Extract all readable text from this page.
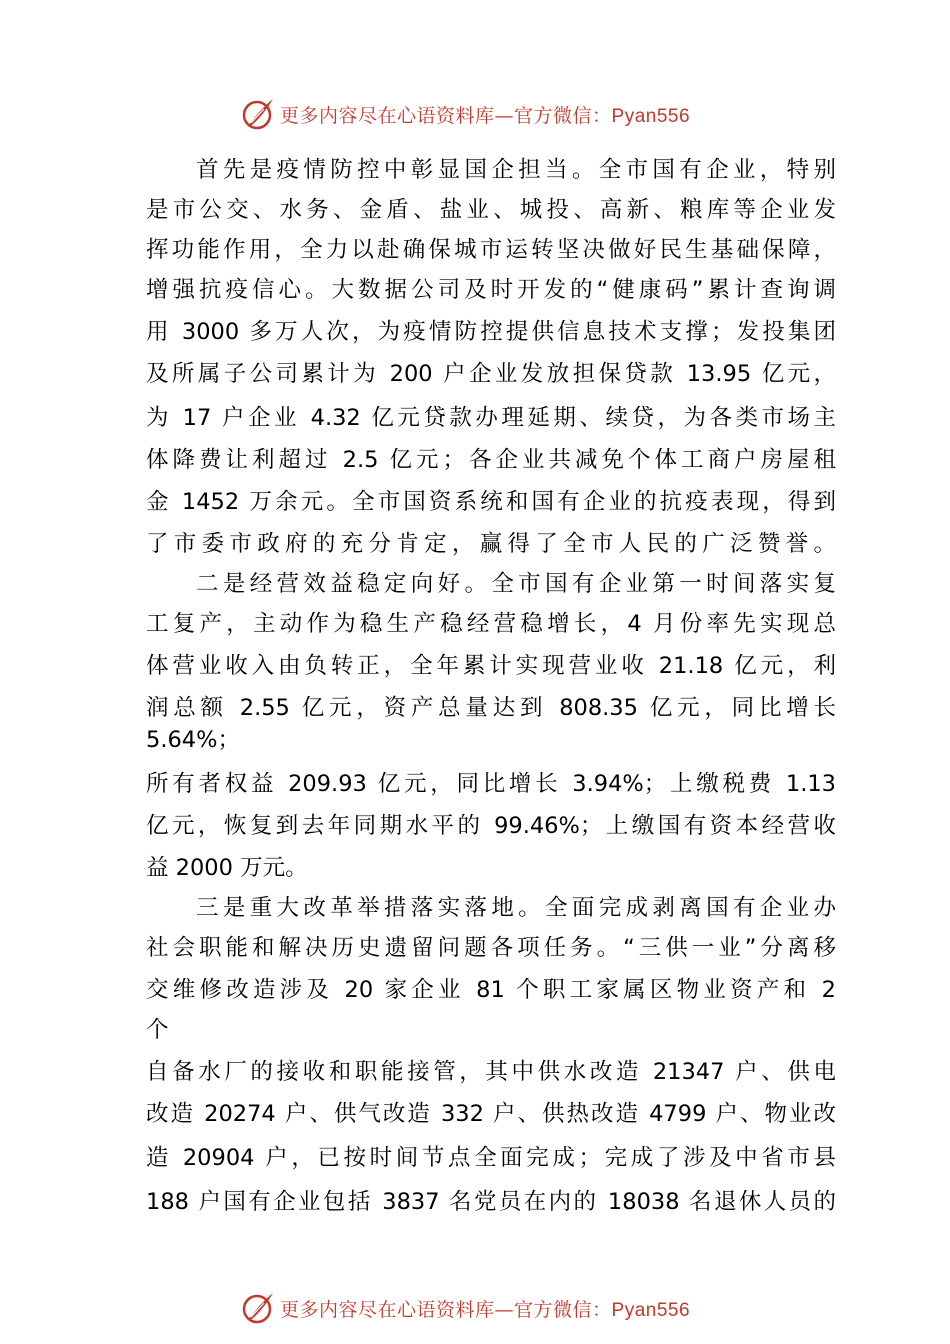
更多内容尽在心语资料库—官方微信：Pyan556
首先是疫情防控中彰显国企担当。全市国有企业，特别
是市公交、水务、金盾、盐业、城投、高新、粮库等企业发
挥功能作用，全力以赴确保城市运转坚决做好民生基础保障，
增强抗疫信心。大数据公司及时开发的“健康码”累计查询调
用 3000 多万人次，为疫情防控提供信息技术支撑；发投集团
及所属子公司累计为 200 户企业发放担保贷款 13.95 亿元，
为 17 户企业 4.32 亿元贷款办理延期、续贷，为各类市场主
体降费让利超过 2.5 亿元；各企业共减免个体工商户房屋租
金 1452 万余元。全市国资系统和国有企业的抗疫表现，得到
了市委市政府的充分肯定，赢得了全市人民的广泛赞誉。
二是经营效益稳定向好。全市国有企业第一时间落实复
工复产，主动作为稳生产稳经营稳增长，4 月份率先实现总
体营业收入由负转正，全年累计实现营业收 21.18 亿元，利
润总额 2.55 亿元，资产总量达到 808.35 亿元，同比增长
5.64%；
所有者权益 209.93 亿元，同比增长 3.94%；上缴税费 1.13
亿元，恢复到去年同期水平的 99.46%；上缴国有资本经营收
益 2000 万元。
三是重大改革举措落实落地。全面完成剥离国有企业办
社会职能和解决历史遗留问题各项任务。“三供一业”分离移
交维修改造涉及 20 家企业 81 个职工家属区物业资产和 2
个
自备水厂的接收和职能接管，其中供水改造 21347 户、供电
改造 20274 户、供气改造 332 户、供热改造 4799 户、物业改
造 20904 户，已按时间节点全面完成；完成了涉及中省市县
188 户国有企业包括 3837 名党员在内的 18038 名退休人员的
更多内容尽在心语资料库—官方微信：Pyan556
